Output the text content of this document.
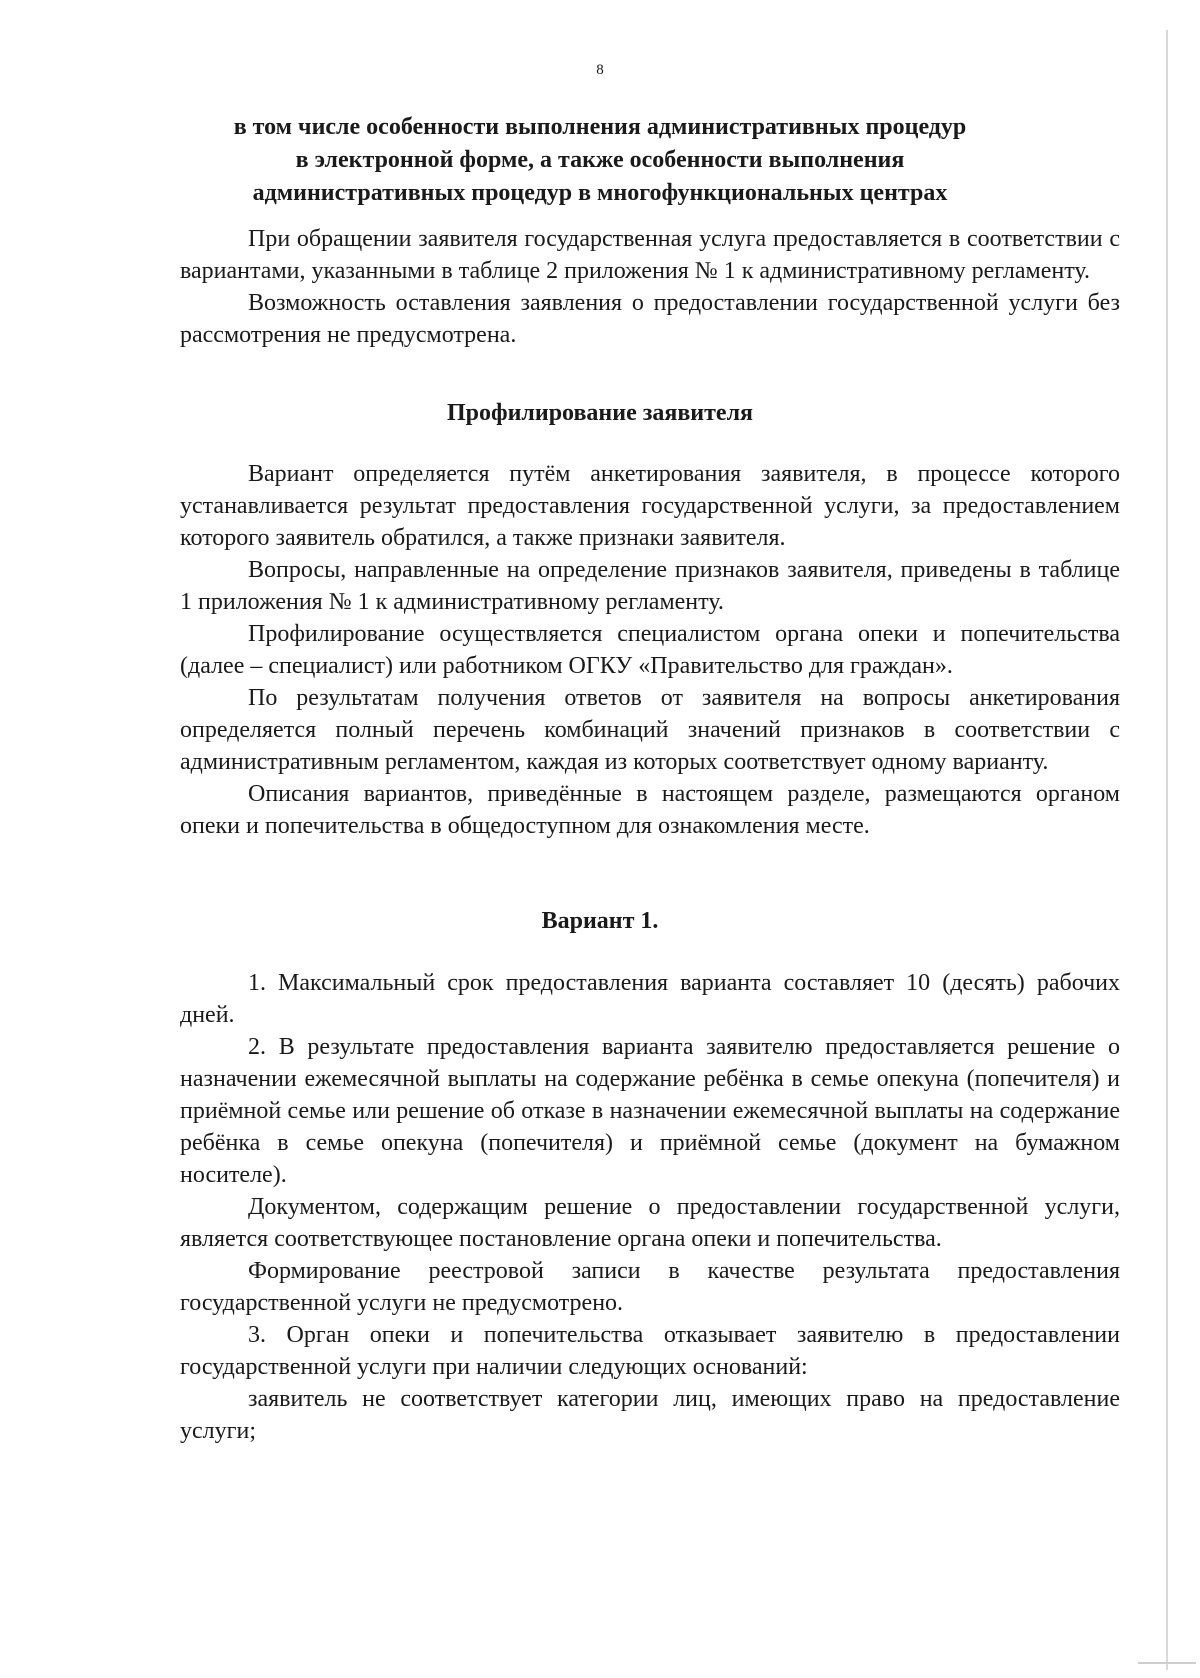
8
в том числе особенности выполнения административных процедур
в электронной форме, а также особенности выполнения
административных процедур в многофункциональных центрах

При обращении заявителя государственная услуга предоставляется в соответствии с вариантами, указанными в таблице 2 приложения № 1 к административному регламенту.

Возможность оставления заявления о предоставлении государственной услуги без рассмотрения не предусмотрена.

Профилирование заявителя

Вариант определяется путём анкетирования заявителя, в процессе которого устанавливается результат предоставления государственной услуги, за предоставлением которого заявитель обратился, а также признаки заявителя.

Вопросы, направленные на определение признаков заявителя, приведены в таблице 1 приложения № 1 к административному регламенту.

Профилирование осуществляется специалистом органа опеки и попечительства (далее – специалист) или работником ОГКУ «Правительство для граждан».

По результатам получения ответов от заявителя на вопросы анкетирования определяется полный перечень комбинаций значений признаков в соответствии с административным регламентом, каждая из которых соответствует одному варианту.

Описания вариантов, приведённые в настоящем разделе, размещаются органом опеки и попечительства в общедоступном для ознакомления месте.

Вариант 1.

1. Максимальный срок предоставления варианта составляет 10 (десять) рабочих дней.

2. В результате предоставления варианта заявителю предоставляется решение о назначении ежемесячной выплаты на содержание ребёнка в семье опекуна (попечителя) и приёмной семье или решение об отказе в назначении ежемесячной выплаты на содержание ребёнка в семье опекуна (попечителя) и приёмной семье (документ на бумажном носителе).

Документом, содержащим решение о предоставлении государственной услуги, является соответствующее постановление органа опеки и попечительства.

Формирование реестровой записи в качестве результата предоставления государственной услуги не предусмотрено.

3. Орган опеки и попечительства отказывает заявителю в предоставлении государственной услуги при наличии следующих оснований:

заявитель не соответствует категории лиц, имеющих право на предоставление услуги;
